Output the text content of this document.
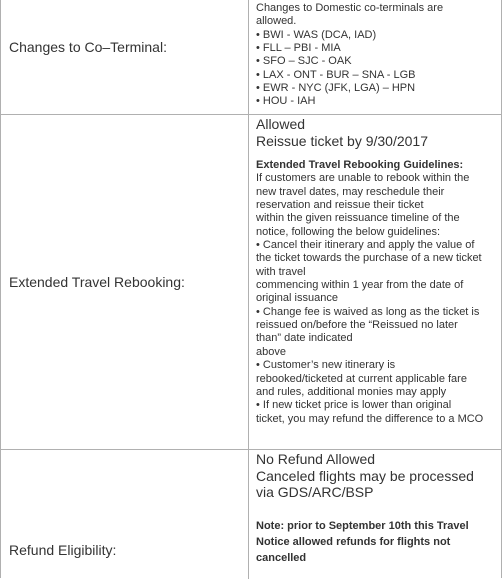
Changes to Co–Terminal:

Changes to Domestic co-terminals are

allowed.

• BWI - WAS (DCA, IAD)

• FLL – PBI - MIA

• SFO – SJC - OAK

• LAX - ONT - BUR – SNA - LGB

• EWR - NYC (JFK, LGA) – HPN

• HOU - IAH

Extended Travel Rebooking:

Allowed

Reissue ticket by 9/30/2017

Extended Travel Rebooking Guidelines:

If customers are unable to rebook within the

new travel dates, may reschedule their

reservation and reissue their ticket

within the given reissuance timeline of the

notice, following the below guidelines:

• Cancel their itinerary and apply the value of

the ticket towards the purchase of a new ticket

with travel

commencing within 1 year from the date of

original issuance

• Change fee is waived as long as the ticket is

reissued on/before the “Reissued no later

than” date indicated

above

• Customer’s new itinerary is

rebooked/ticketed at current applicable fare

and rules, additional monies may apply

• If new ticket price is lower than original

ticket, you may refund the difference to a MCO

Refund Eligibility:

No Refund Allowed

Canceled flights may be processed

via GDS/ARC/BSP

Note: prior to September 10th this Travel

Notice allowed refunds for flights not

cancelled
